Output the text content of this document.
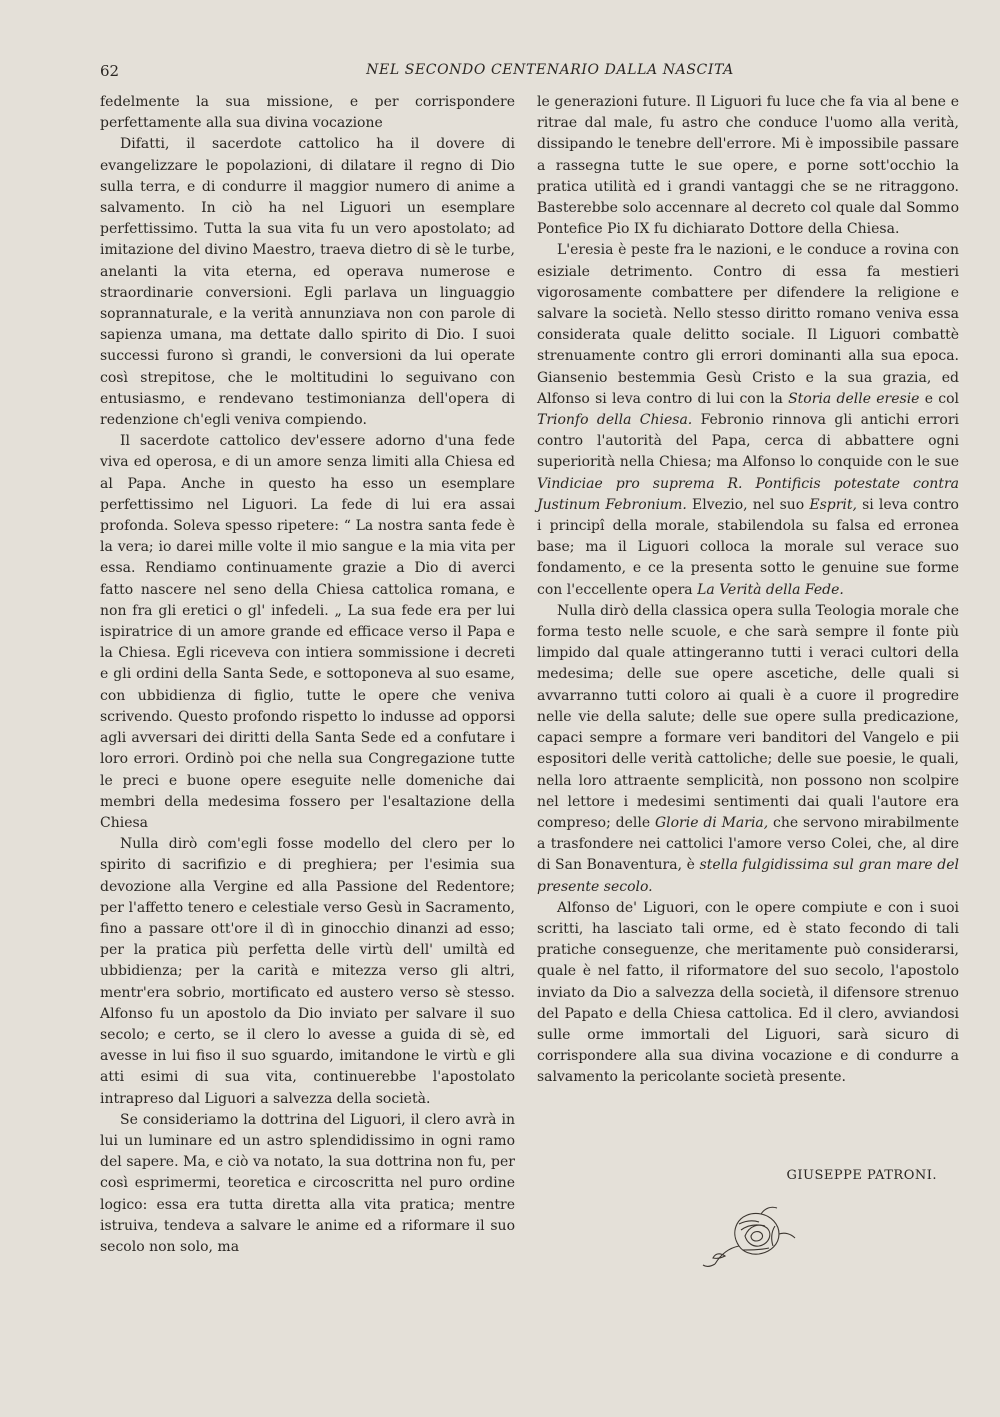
62	NEL SECONDO CENTENARIO DALLA NASCITA

fedelmente la sua missione, e per corrispondere perfettamente alla sua divina vocazione

Difatti, il sacerdote cattolico ha il dovere di evangelizzare le popolazioni, di dilatare il regno di Dio sulla terra, e di condurre il maggior numero di anime a salvamento. In ciò ha nel Liguori un esemplare perfettissimo. Tutta la sua vita fu un vero apostolato; ad imitazione del divino Maestro, traeva dietro di sè le turbe, anelanti la vita eterna, ed operava numerose e straordinarie conversioni. Egli parlava un linguaggio soprannaturale, e la verità annunziava non con parole di sapienza umana, ma dettate dallo spirito di Dio. I suoi successi furono sì grandi, le conversioni da lui operate così strepitose, che le moltitudini lo seguivano con entusiasmo, e rendevano testimonianza dell'opera di redenzione ch'egli veniva compiendo.

Il sacerdote cattolico dev'essere adorno d'una fede viva ed operosa, e di un amore senza limiti alla Chiesa ed al Papa. Anche in questo ha esso un esemplare perfettissimo nel Liguori. La fede di lui era assai profonda. Soleva spesso ripetere: “ La nostra santa fede è la vera; io darei mille volte il mio sangue e la mia vita per essa. Rendiamo continuamente grazie a Dio di averci fatto nascere nel seno della Chiesa cattolica romana, e non fra gli eretici o gl' infedeli. „ La sua fede era per lui ispiratrice di un amore grande ed efficace verso il Papa e la Chiesa. Egli riceveva con intiera sommissione i decreti e gli ordini della Santa Sede, e sottoponeva al suo esame, con ubbidienza di figlio, tutte le opere che veniva scrivendo. Questo profondo rispetto lo indusse ad opporsi agli avversari dei diritti della Santa Sede ed a confutare i loro errori. Ordinò poi che nella sua Congregazione tutte le preci e buone opere eseguite nelle domeniche dai membri della medesima fossero per l'esaltazione della Chiesa

Nulla dirò com'egli fosse modello del clero per lo spirito di sacrifizio e di preghiera; per l'esimia sua devozione alla Vergine ed alla Passione del Redentore; per l'affetto tenero e celestiale verso Gesù in Sacramento, fino a passare ott'ore il dì in ginocchio dinanzi ad esso; per la pratica più perfetta delle virtù dell' umiltà ed ubbidienza; per la carità e mitezza verso gli altri, mentr'era sobrio, mortificato ed austero verso sè stesso. Alfonso fu un apostolo da Dio inviato per salvare il suo secolo; e certo, se il clero lo avesse a guida di sè, ed avesse in lui fiso il suo sguardo, imitandone le virtù e gli atti esimi di sua vita, continuerebbe l'apostolato intrapreso dal Liguori a salvezza della società.

Se consideriamo la dottrina del Liguori, il clero avrà in lui un luminare ed un astro splendidissimo in ogni ramo del sapere. Ma, e ciò va notato, la sua dottrina non fu, per così esprimermi, teoretica e circoscritta nel puro ordine logico: essa era tutta diretta alla vita pratica; mentre istruiva, tendeva a salvare le anime ed a riformare il suo secolo non solo, ma

le generazioni future. Il Liguori fu luce che fa via al bene e ritrae dal male, fu astro che conduce l'uomo alla verità, dissipando le tenebre dell'errore. Mi è impossibile passare a rassegna tutte le sue opere, e porne sott'occhio la pratica utilità ed i grandi vantaggi che se ne ritraggono. Basterebbe solo accennare al decreto col quale dal Sommo Pontefice Pio IX fu dichiarato Dottore della Chiesa.

L'eresia è peste fra le nazioni, e le conduce a rovina con esiziale detrimento. Contro di essa fa mestieri vigorosamente combattere per difendere la religione e salvare la società. Nello stesso diritto romano veniva essa considerata quale delitto sociale. Il Liguori combattè strenuamente contro gli errori dominanti alla sua epoca. Giansenio bestemmia Gesù Cristo e la sua grazia, ed Alfonso si leva contro di lui con la Storia delle eresie e col Trionfo della Chiesa. Febronio rinnova gli antichi errori contro l'autorità del Papa, cerca di abbattere ogni superiorità nella Chiesa; ma Alfonso lo conquide con le sue Vindiciae pro suprema R. Pontificis potestate contra Justinum Febronium. Elvezio, nel suo Esprit, si leva contro i principî della morale, stabilendola su falsa ed erronea base; ma il Liguori colloca la morale sul verace suo fondamento, e ce la presenta sotto le genuine sue forme con l'eccellente opera La Verità della Fede.

Nulla dirò della classica opera sulla Teologia morale che forma testo nelle scuole, e che sarà sempre il fonte più limpido dal quale attingeranno tutti i veraci cultori della medesima; delle sue opere ascetiche, delle quali si avvarranno tutti coloro ai quali è a cuore il progredire nelle vie della salute; delle sue opere sulla predicazione, capaci sempre a formare veri banditori del Vangelo e pii espositori delle verità cattoliche; delle sue poesie, le quali, nella loro attraente semplicità, non possono non scolpire nel lettore i medesimi sentimenti dai quali l'autore era compreso; delle Glorie di Maria, che servono mirabilmente a trasfondere nei cattolici l'amore verso Colei, che, al dire di San Bonaventura, è stella fulgidissima sul gran mare del presente secolo.

Alfonso de' Liguori, con le opere compiute e con i suoi scritti, ha lasciato tali orme, ed è stato fecondo di tali pratiche conseguenze, che meritamente può considerarsi, quale è nel fatto, il riformatore del suo secolo, l'apostolo inviato da Dio a salvezza della società, il difensore strenuo del Papato e della Chiesa cattolica. Ed il clero, avviandosi sulle orme immortali del Liguori, sarà sicuro di corrispondere alla sua divina vocazione e di condurre a salvamento la pericolante società presente.

GIUSEPPE PATRONI.
